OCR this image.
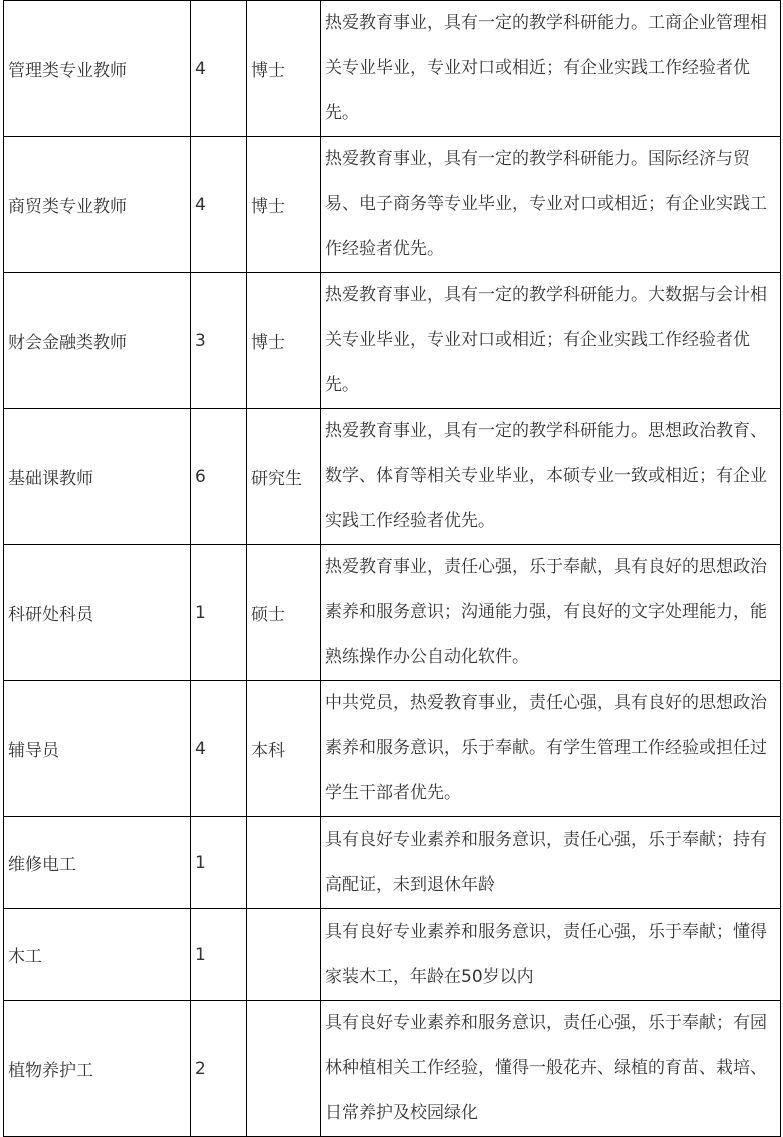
管理类专业教师	4	博士	热爱教育事业，具有一定的教学科研能力。工商企业管理相关专业毕业，专业对口或相近；有企业实践工作经验者优先。
商贸类专业教师	4	博士	热爱教育事业，具有一定的教学科研能力。国际经济与贸易、电子商务等专业毕业，专业对口或相近；有企业实践工作经验者优先。
财会金融类教师	3	博士	热爱教育事业，具有一定的教学科研能力。大数据与会计相关专业毕业，专业对口或相近；有企业实践工作经验者优先。
基础课教师	6	研究生	热爱教育事业，具有一定的教学科研能力。思想政治教育、数学、体育等相关专业毕业，本硕专业一致或相近；有企业实践工作经验者优先。
科研处科员	1	硕士	热爱教育事业，责任心强，乐于奉献，具有良好的思想政治素养和服务意识；沟通能力强，有良好的文字处理能力，能熟练操作办公自动化软件。
辅导员	4	本科	中共党员，热爱教育事业，责任心强，具有良好的思想政治素养和服务意识，乐于奉献。有学生管理工作经验或担任过学生干部者优先。
维修电工	1		具有良好专业素养和服务意识，责任心强，乐于奉献；持有高配证，未到退休年龄
木工	1		具有良好专业素养和服务意识，责任心强，乐于奉献；懂得家装木工，年龄在50岁以内
植物养护工	2		具有良好专业素养和服务意识，责任心强，乐于奉献；有园林种植相关工作经验，懂得一般花卉、绿植的育苗、栽培、日常养护及校园绿化
